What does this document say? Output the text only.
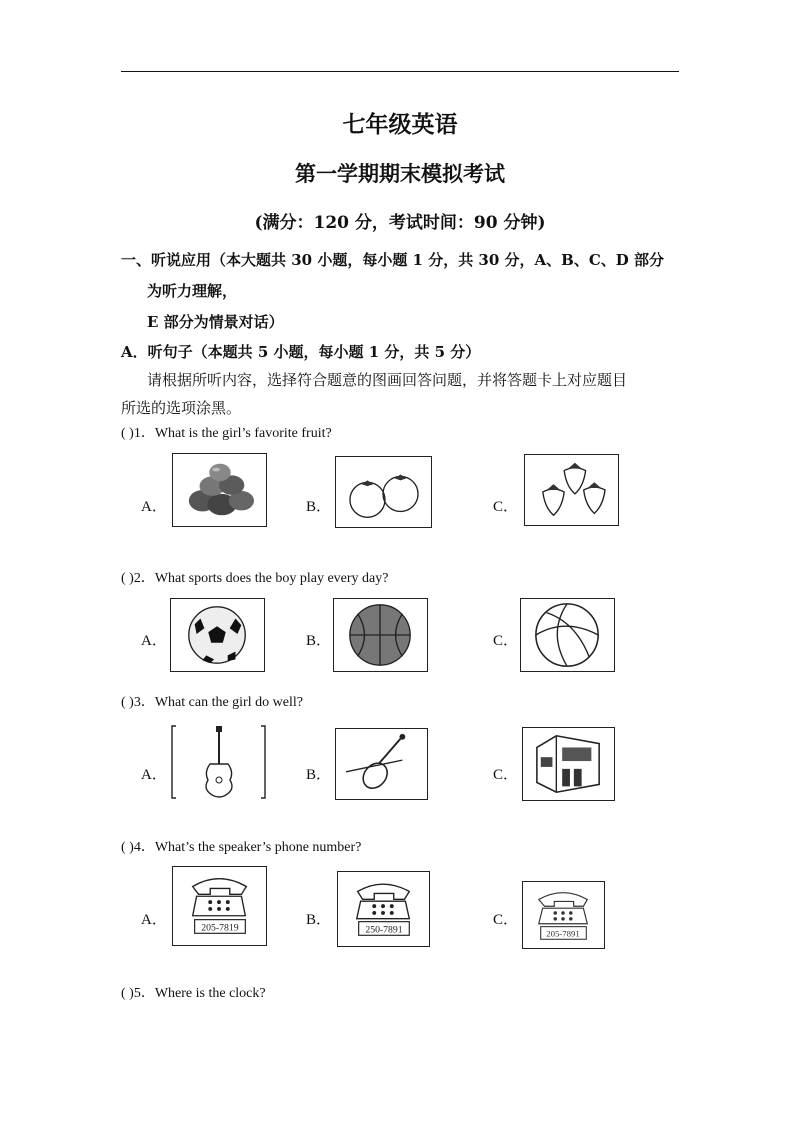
七年级英语
第一学期期末模拟考试
(满分：120 分，考试时间：90 分钟)
一、听说应用（本大题共 30 小题，每小题 1 分，共 30 分，A、B、C、D 部分
为听力理解，
E 部分为情景对话）
A．听句子（本题共 5 小题，每小题 1 分，共 5 分）
请根据所听内容，选择符合题意的图画回答问题，并将答题卡上对应题目
所选的选项涂黑。
( )1．What is the girl’s favorite fruit?
A．	B．	C．
( )2．What sports does the boy play every day?
A．	B．	C．
( )3．What can the girl do well?
A．	B．	C．
( )4．What’s the speaker’s phone number?
A．	205-7819	B．
250-7891
C．
205-7891
( )5．Where is the clock?
